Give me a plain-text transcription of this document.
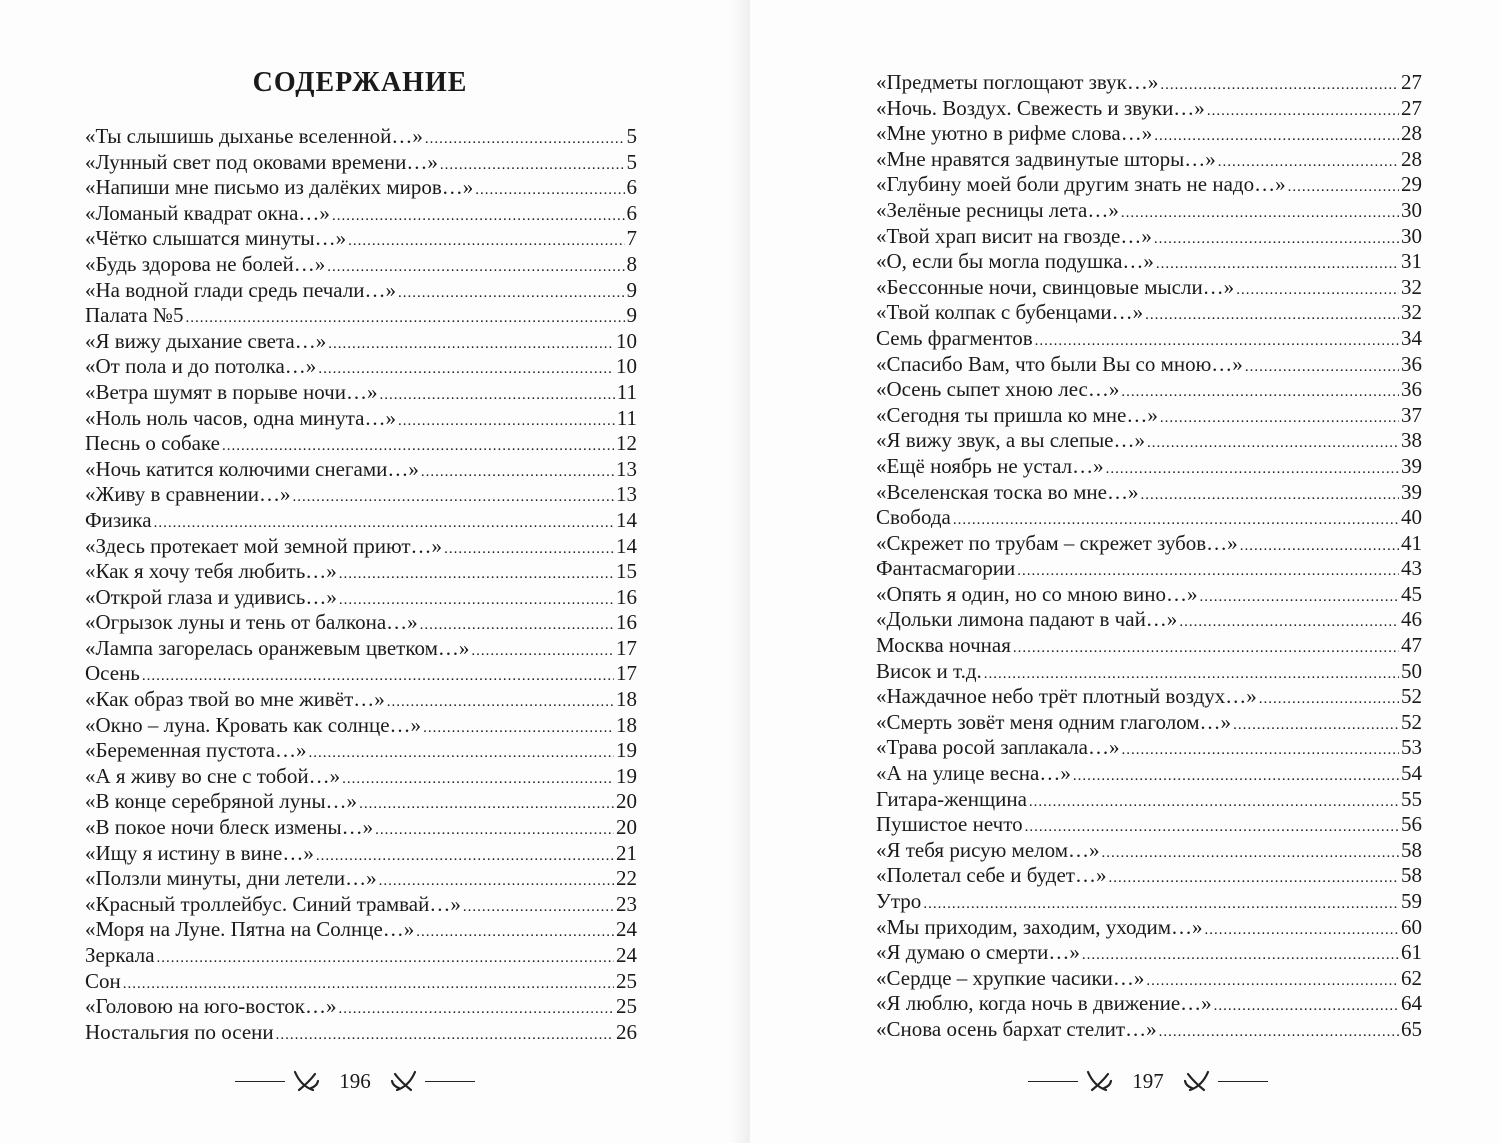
СОДЕРЖАНИЕ
«Ты слышишь дыханье вселенной…» .....	5
«Лунный свет под оковами времени…» .....	5
«Напиши мне письмо из далёких миров…» .....	6
«Ломаный квадрат окна…» .....	6
«Чётко слышатся минуты…» .....	7
«Будь здорова не болей…» .....	8
«На водной глади средь печали…» .....	9
Палата №5 .....	9
«Я вижу дыхание света…» .....	10
«От пола и до потолка…» .....	10
«Ветра шумят в порыве ночи…» .....	11
«Ноль ноль часов, одна минута…» .....	11
Песнь о собаке .....	12
«Ночь катится колючими снегами…» .....	13
«Живу в сравнении…» .....	13
Физика .....	14
«Здесь протекает мой земной приют…» .....	14
«Как я хочу тебя любить…» .....	15
«Открой глаза и удивись…» .....	16
«Огрызок луны и тень от балкона…» .....	16
«Лампа загорелась оранжевым цветком…» .....	17
Осень .....	17
«Как образ твой во мне живёт…» .....	18
«Окно – луна. Кровать как солнце…» .....	18
«Беременная пустота…» .....	19
«А я живу во сне с тобой…» .....	19
«В конце серебряной луны…» .....	20
«В покое ночи блеск измены…» .....	20
«Ищу я истину в вине…» .....	21
«Ползли минуты, дни летели…» .....	22
«Красный троллейбус. Синий трамвай…» .....	23
«Моря на Луне. Пятна на Солнце…» .....	24
Зеркала .....	24
Сон .....	25
«Головою на юго-восток…» .....	25
Ностальгия по осени .....	26
196	197
«Предметы поглощают звук…» .....	27
«Ночь. Воздух. Свежесть и звуки…» .....	27
«Мне уютно в рифме слова…» .....	28
«Мне нравятся задвинутые шторы…» .....	28
«Глубину моей боли другим знать не надо…» .....	29
«Зелёные ресницы лета…» .....	30
«Твой храп висит на гвозде…» .....	30
«О, если бы могла подушка…» .....	31
«Бессонные ночи, свинцовые мысли…» .....	32
«Твой колпак с бубенцами…» .....	32
Семь фрагментов .....	34
«Спасибо Вам, что были Вы со мною…» .....	36
«Осень сыпет хною лес…» .....	36
«Сегодня ты пришла ко мне…» .....	37
«Я вижу звук, а вы слепые…» .....	38
«Ещё ноябрь не устал…» .....	39
«Вселенская тоска во мне…» .....	39
Свобода .....	40
«Скрежет по трубам – скрежет зубов…» .....	41
Фантасмагории .....	43
«Опять я один, но со мною вино…» .....	45
«Дольки лимона падают в чай…» .....	46
Москва ночная .....	47
Висок и т.д. .....	50
«Наждачное небо трёт плотный воздух…» .....	52
«Смерть зовёт меня одним глаголом…» .....	52
«Трава росой заплакала…» .....	53
«А на улице весна…» .....	54
Гитара-женщина .....	55
Пушистое нечто .....	56
«Я тебя рисую мелом…» .....	58
«Полетал себе и будет…» .....	58
Утро .....	59
«Мы приходим, заходим, уходим…» .....	60
«Я думаю о смерти…» .....	61
«Сердце – хрупкие часики…» .....	62
«Я люблю, когда ночь в движение…» .....	64
«Снова осень бархат стелит…» .....	65
